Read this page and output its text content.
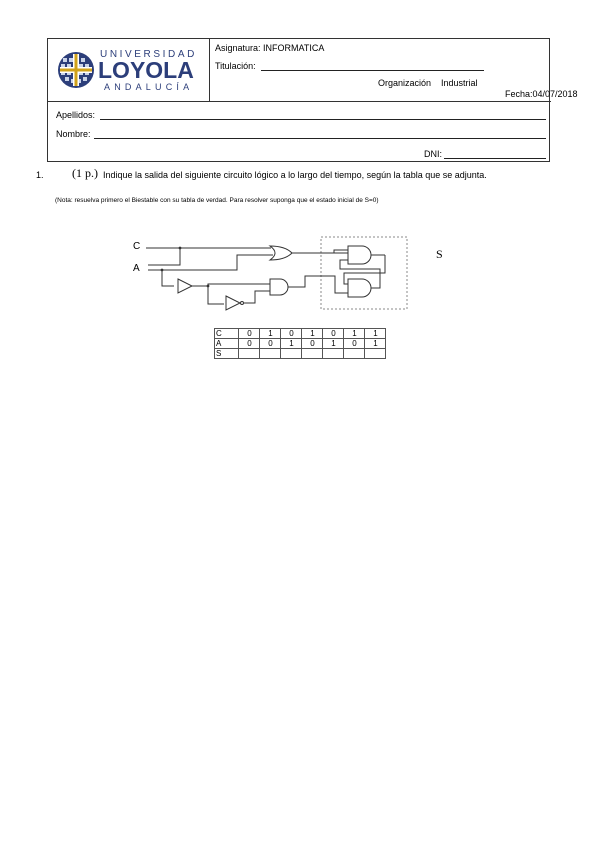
UNIVERSIDAD
LOYOLA
ANDALUCÍA
Asignatura: INFORMATICA
Titulación:
Organización    Industrial
Apellidos:
Nombre:
DNI:
Fecha:04/07/2018
1. (1 p.) Indique la salida del siguiente circuito lógico a lo largo del tiempo, según la tabla que se adjunta.
(Nota: resuelva primero el Biestable con su tabla de verdad. Para resolver suponga que el estado inicial de S=0)
C
A
S
C	0	1	0	1	0	1	1
A	0	0	1	0	1	0	1
S							
